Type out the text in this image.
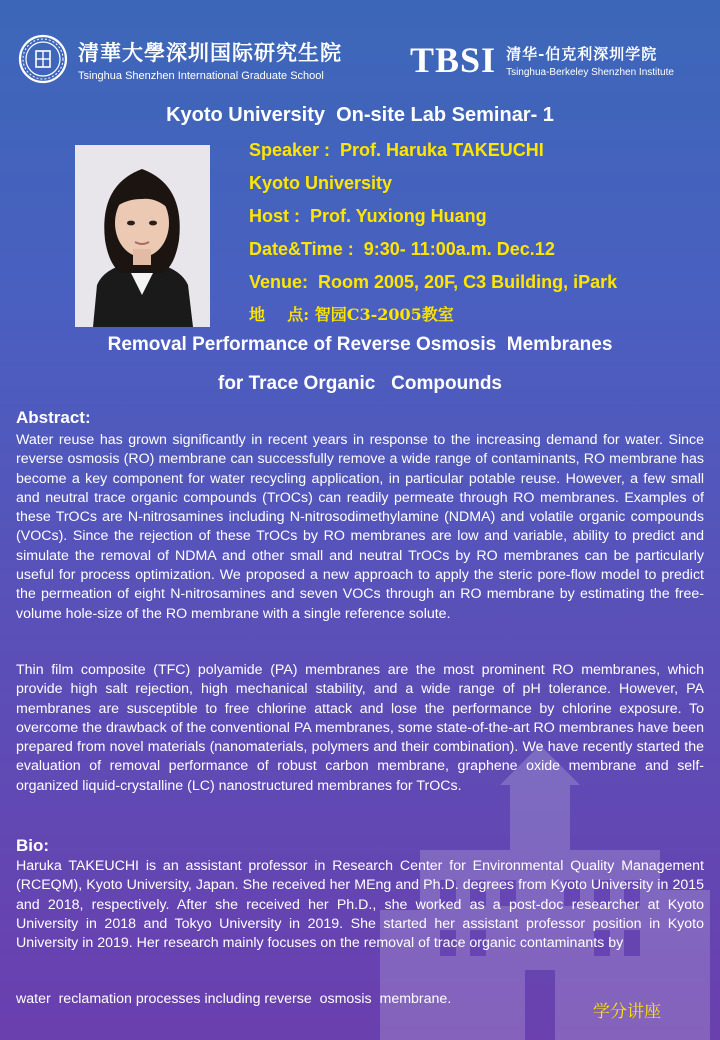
清華大學深圳国际研究生院
Tsinghua Shenzhen International Graduate School	TBSI 清华-伯克利深圳学院
Tsinghua-Berkeley Shenzhen Institute
Kyoto University  On-site Lab Seminar- 1
Speaker :  Prof. Haruka TAKEUCHI
Kyoto University
Host :  Prof. Yuxiong Huang
Date&Time :  9:30- 11:00a.m. Dec.12
Venue:  Room 2005, 20F, C3 Building, iPark
地    点: 智园C3-2005教室
Removal Performance of Reverse Osmosis  Membranes
for Trace Organic   Compounds
Abstract:
Water reuse has grown significantly in recent years in response to the increasing demand for water. Since reverse osmosis (RO) membrane can successfully remove a wide range of contaminants, RO membrane has become a key component for water recycling application, in particular potable reuse. However, a few small and neutral trace organic compounds (TrOCs) can readily permeate through RO membranes. Examples of these TrOCs are N-nitrosamines including N-nitrosodimethylamine (NDMA) and volatile organic compounds (VOCs). Since the rejection of these TrOCs by RO membranes are low and variable, ability to predict and simulate the removal of NDMA and other small and neutral TrOCs by RO membranes can be particularly useful for process optimization. We proposed a new approach to apply the steric pore-flow model to predict the permeation of eight N-nitrosamines and seven VOCs through an RO membrane by estimating the free- volume hole-size of the RO membrane with a single reference solute.
Thin film composite (TFC) polyamide (PA) membranes are the most prominent RO membranes, which provide high salt rejection, high mechanical stability, and a wide range of pH tolerance. However, PA membranes are susceptible to free chlorine attack and lose the performance by chlorine exposure. To overcome the drawback of the conventional PA membranes, some state-of-the-art RO membranes have been prepared from novel materials (nanomaterials, polymers and their combination). We have recently started the evaluation of removal performance of robust carbon membrane, graphene oxide membrane and self-organized liquid-crystalline (LC) nanostructured membranes for TrOCs.
Bio:
Haruka TAKEUCHI is an assistant professor in Research Center for Environmental Quality Management (RCEQM), Kyoto University, Japan. She received her MEng and Ph.D. degrees from Kyoto University in 2015 and 2018, respectively. After she received her Ph.D., she worked as a post-doc researcher at Kyoto University in 2018 and Tokyo University in 2019. She started her assistant professor position in Kyoto University in 2019. Her research mainly focuses on the removal of trace organic contaminants by
water  reclamation processes including reverse  osmosis  membrane.
学分讲座
